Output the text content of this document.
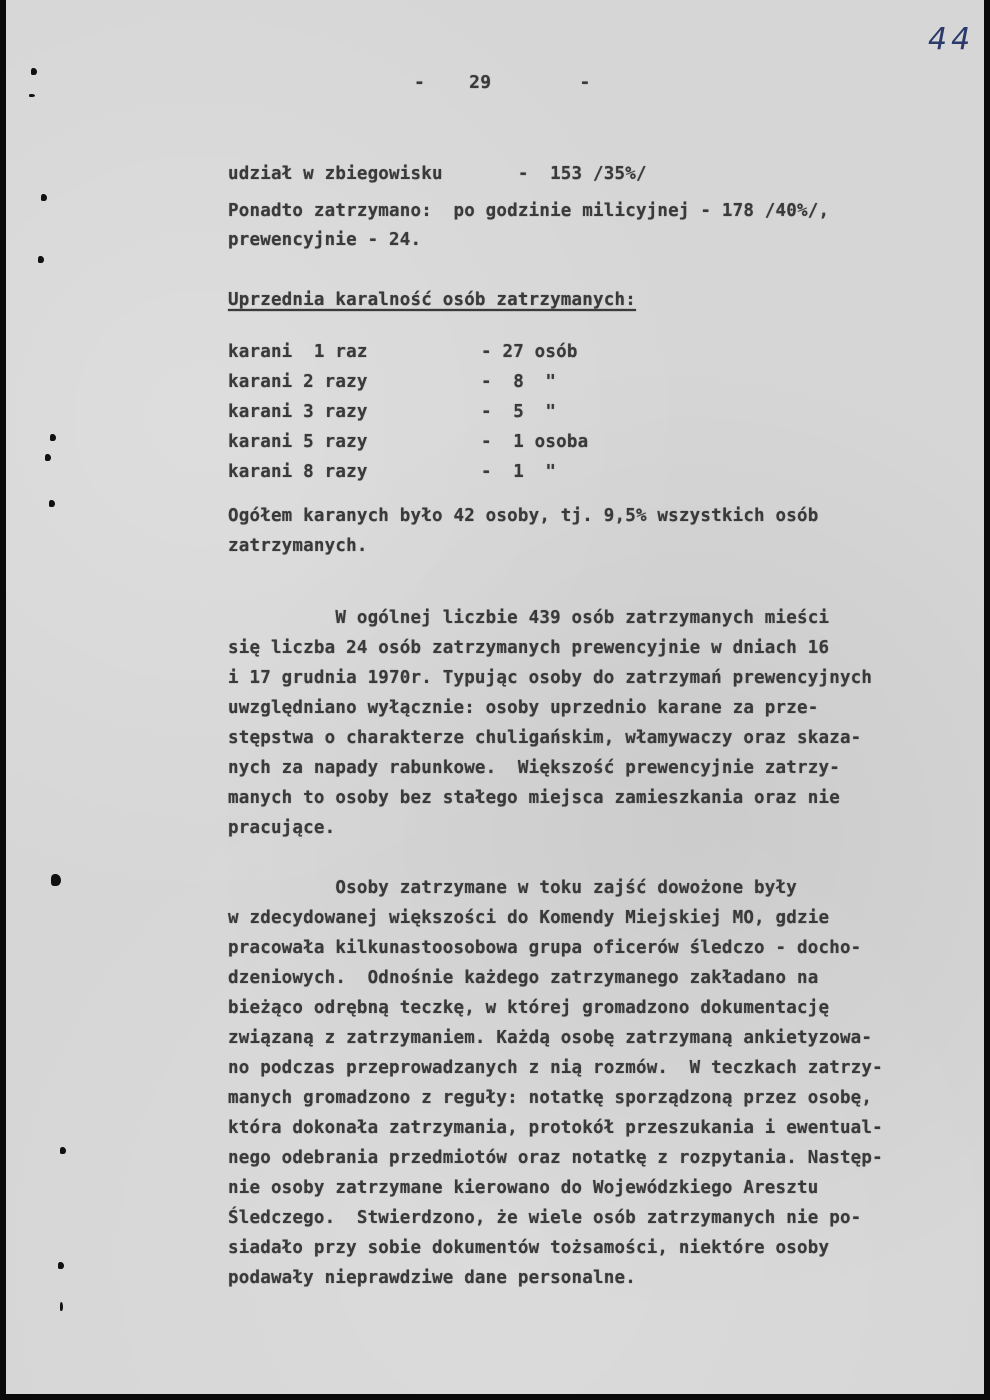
44
-    29        -
udział w zbiegowisku       -  153 /35%/
Ponadto zatrzymano:  po godzinie milicyjnej - 178 /40%/,
prewencyjnie - 24.
Uprzednia karalność osób zatrzymanych:
karani  1 raz	- 27 osób
karani 2 razy	-  8  "
karani 3 razy	-  5  "
karani 5 razy	-  1 osoba
karani 8 razy	-  1  "
Ogółem karanych było 42 osoby, tj. 9,5% wszystkich osób
zatrzymanych.
W ogólnej liczbie 439 osób zatrzymanych mieści
się liczba 24 osób zatrzymanych prewencyjnie w dniach 16
i 17 grudnia 1970r. Typując osoby do zatrzymań prewencyjnych
uwzględniano wyłącznie: osoby uprzednio karane za prze-
stępstwa o charakterze chuligańskim, włamywaczy oraz skaza-
nych za napady rabunkowe.  Większość prewencyjnie zatrzy-
manych to osoby bez stałego miejsca zamieszkania oraz nie
pracujące.
Osoby zatrzymane w toku zajść dowożone były
w zdecydowanej większości do Komendy Miejskiej MO, gdzie
pracowała kilkunastoosobowa grupa oficerów śledczo - docho-
dzeniowych.  Odnośnie każdego zatrzymanego zakładano na
bieżąco odrębną teczkę, w której gromadzono dokumentację
związaną z zatrzymaniem. Każdą osobę zatrzymaną ankietyzowa-
no podczas przeprowadzanych z nią rozmów.  W teczkach zatrzy-
manych gromadzono z reguły: notatkę sporządzoną przez osobę,
która dokonała zatrzymania, protokół przeszukania i ewentual-
nego odebrania przedmiotów oraz notatkę z rozpytania. Następ-
nie osoby zatrzymane kierowano do Wojewódzkiego Aresztu
Śledczego.  Stwierdzono, że wiele osób zatrzymanych nie po-
siadało przy sobie dokumentów tożsamości, niektóre osoby
podawały nieprawdziwe dane personalne.
